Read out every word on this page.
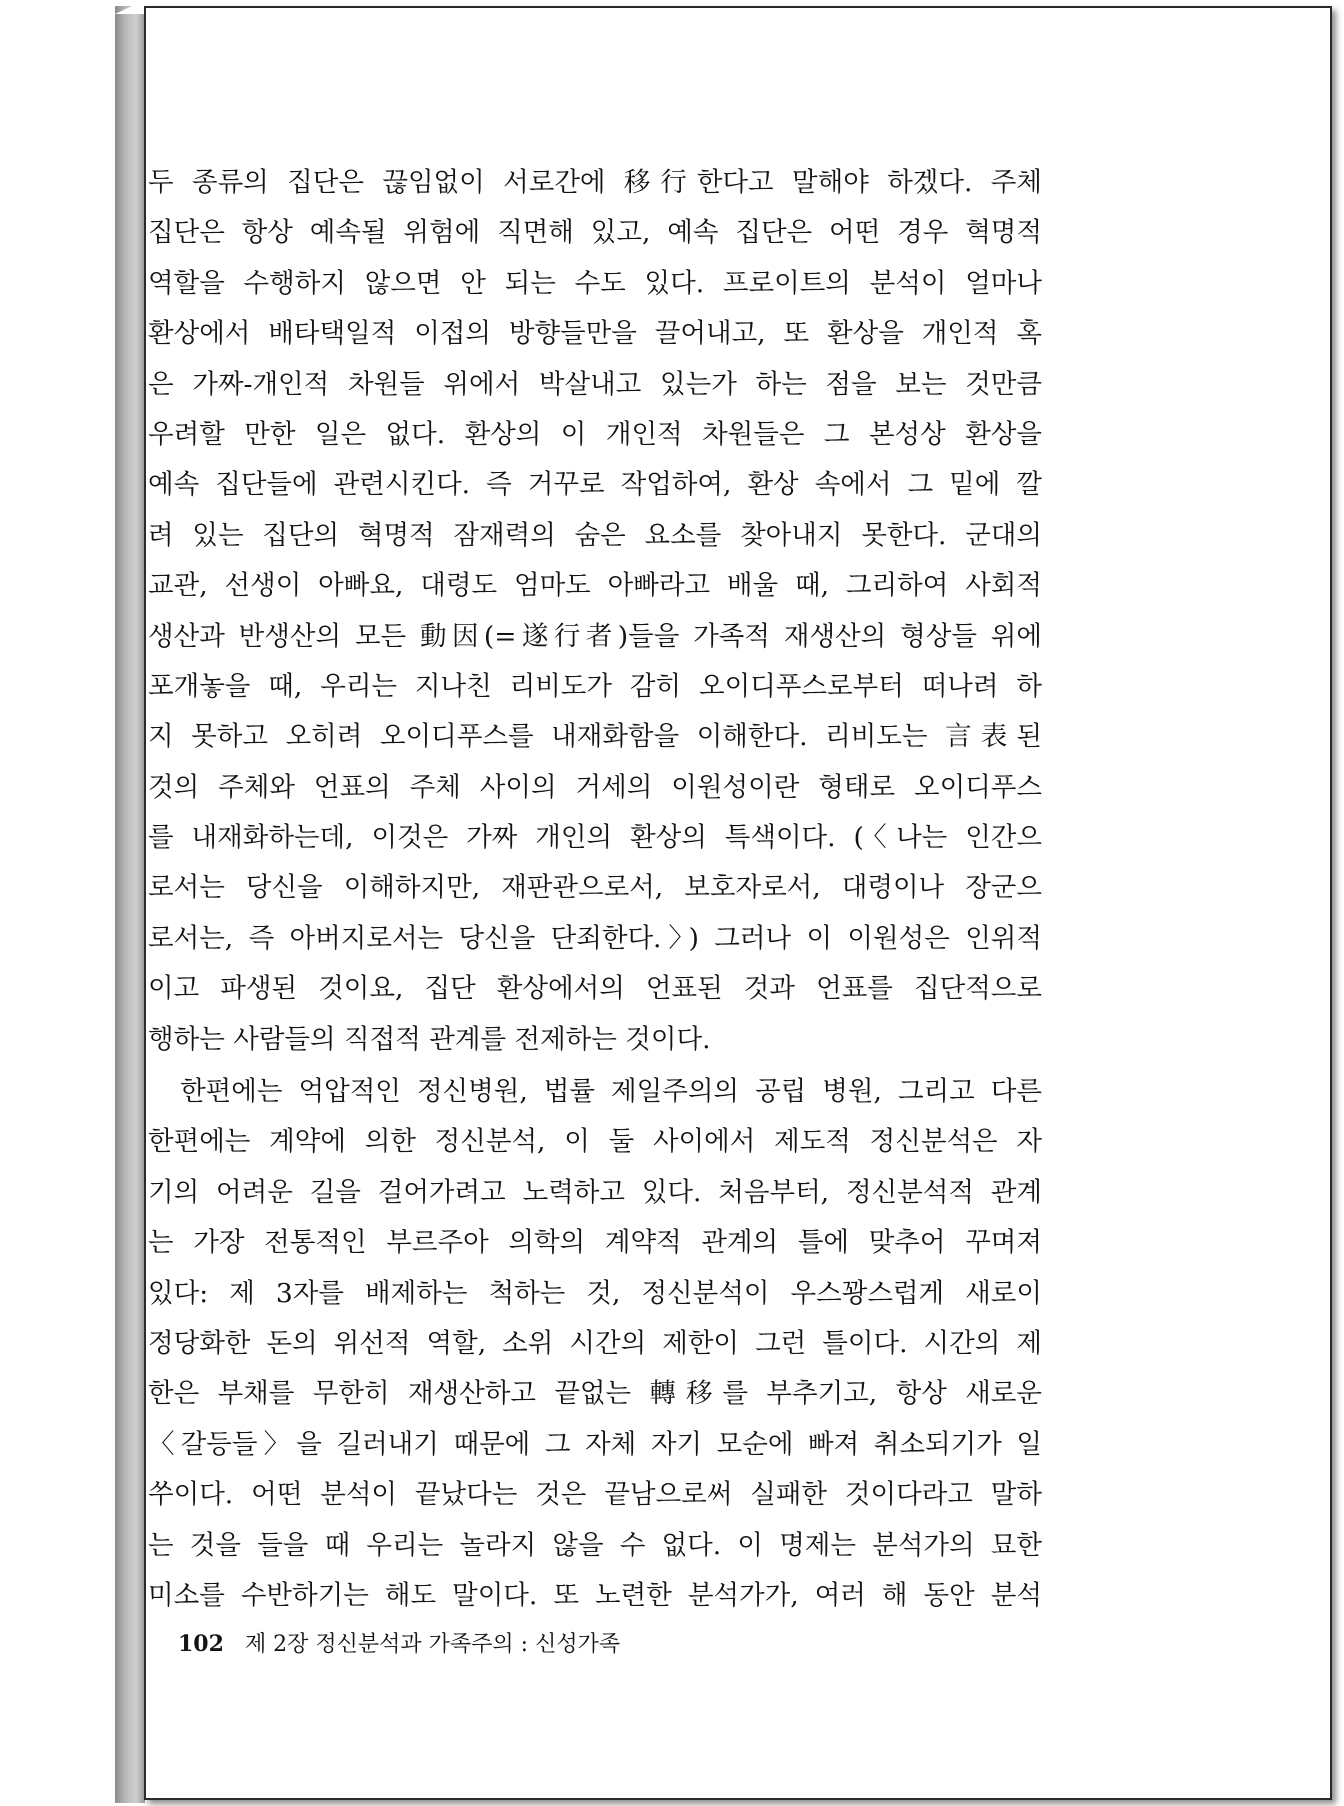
두 종류의 집단은 끊임없이 서로간에 移行한다고 말해야 하겠다. 주체
집단은 항상 예속될 위험에 직면해 있고, 예속 집단은 어떤 경우 혁명적
역할을 수행하지 않으면 안 되는 수도 있다. 프로이트의 분석이 얼마나
환상에서 배타택일적 이접의 방향들만을 끌어내고, 또 환상을 개인적 혹
은 가짜-개인적 차원들 위에서 박살내고 있는가 하는 점을 보는 것만큼
우려할 만한 일은 없다. 환상의 이 개인적 차원들은 그 본성상 환상을
예속 집단들에 관련시킨다. 즉 거꾸로 작업하여, 환상 속에서 그 밑에 깔
려 있는 집단의 혁명적 잠재력의 숨은 요소를 찾아내지 못한다. 군대의
교관, 선생이 아빠요, 대령도 엄마도 아빠라고 배울 때, 그리하여 사회적
생산과 반생산의 모든 動因(=遂行者)들을 가족적 재생산의 형상들 위에
포개놓을 때, 우리는 지나친 리비도가 감히 오이디푸스로부터 떠나려 하
지 못하고 오히려 오이디푸스를 내재화함을 이해한다. 리비도는 言表된
것의 주체와 언표의 주체 사이의 거세의 이원성이란 형태로 오이디푸스
를 내재화하는데, 이것은 가짜 개인의 환상의 특색이다. (〈나는 인간으
로서는 당신을 이해하지만, 재판관으로서, 보호자로서, 대령이나 장군으
로서는, 즉 아버지로서는 당신을 단죄한다.〉) 그러나 이 이원성은 인위적
이고 파생된 것이요, 집단 환상에서의 언표된 것과 언표를 집단적으로
행하는 사람들의 직접적 관계를 전제하는 것이다.
한편에는 억압적인 정신병원, 법률 제일주의의 공립 병원, 그리고 다른
한편에는 계약에 의한 정신분석, 이 둘 사이에서 제도적 정신분석은 자
기의 어려운 길을 걸어가려고 노력하고 있다. 처음부터, 정신분석적 관계
는 가장 전통적인 부르주아 의학의 계약적 관계의 틀에 맞추어 꾸며져
있다: 제 3자를 배제하는 척하는 것, 정신분석이 우스꽝스럽게 새로이
정당화한 돈의 위선적 역할, 소위 시간의 제한이 그런 틀이다. 시간의 제
한은 부채를 무한히 재생산하고 끝없는 轉移를 부추기고, 항상 새로운
〈갈등들〉을 길러내기 때문에 그 자체 자기 모순에 빠져 취소되기가 일
쑤이다. 어떤 분석이 끝났다는 것은 끝남으로써 실패한 것이다라고 말하
는 것을 들을 때 우리는 놀라지 않을 수 없다. 이 명제는 분석가의 묘한
미소를 수반하기는 해도 말이다. 또 노련한 분석가가, 여러 해 동안 분석
102 제 2장 정신분석과 가족주의 : 신성가족
